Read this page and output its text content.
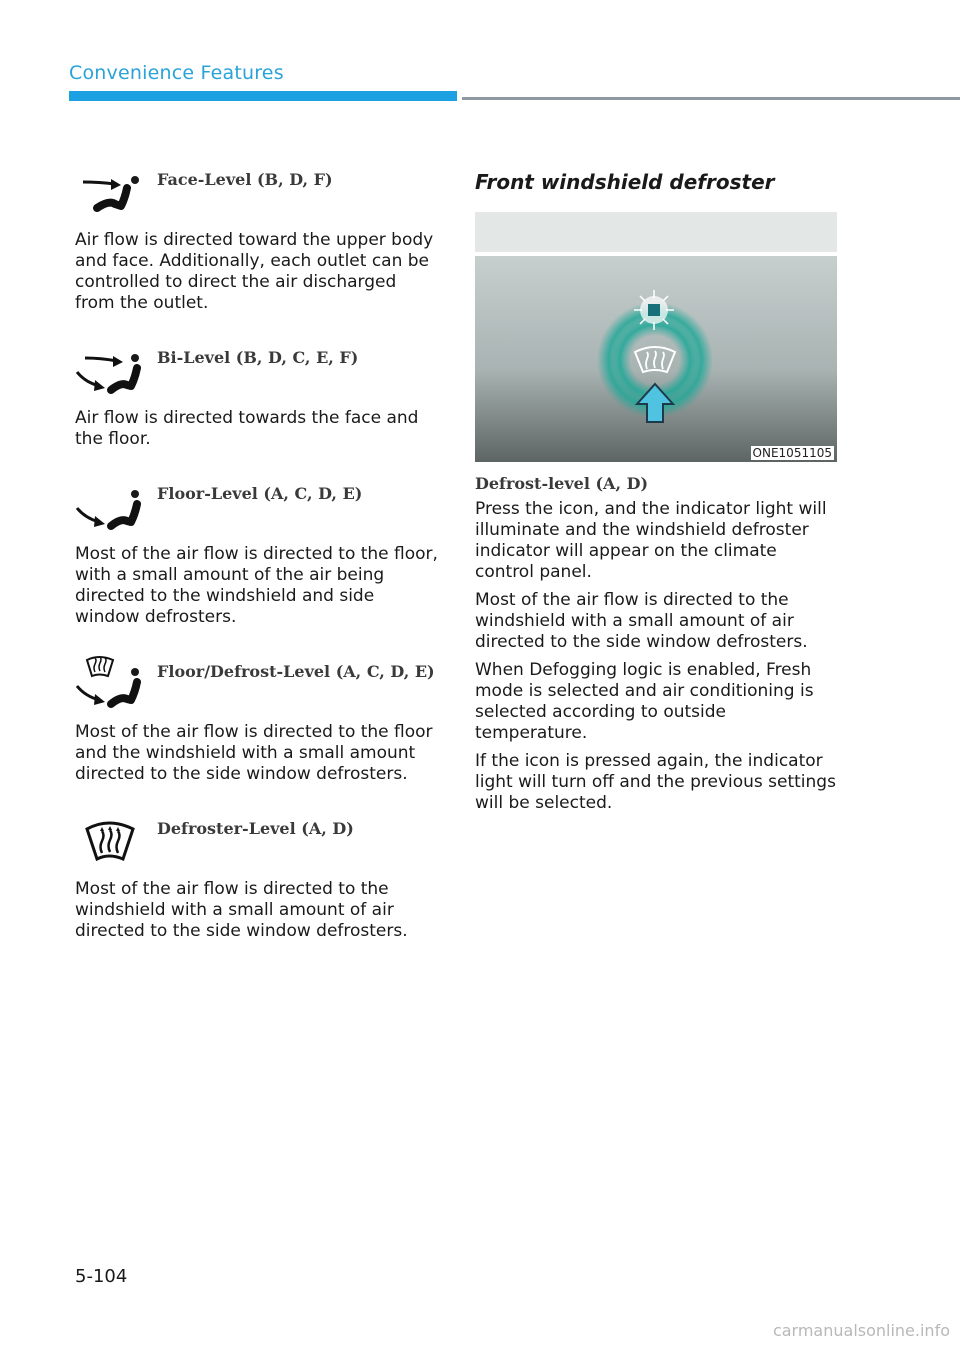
Convenience Features
Face-Level (B, D, F)

Air flow is directed toward the upper body and face. Additionally, each outlet can be controlled to direct the air discharged from the outlet.

Bi-Level (B, D, C, E, F)

Air flow is directed towards the face and the floor.

Floor-Level (A, C, D, E)

Most of the air flow is directed to the floor, with a small amount of the air being directed to the windshield and side window defrosters.

Floor/Defrost-Level (A, C, D, E)

Most of the air flow is directed to the floor and the windshield with a small amount directed to the side window defrosters.

Defroster-Level (A, D)

Most of the air flow is directed to the windshield with a small amount of air directed to the side window defrosters.

Front windshield defroster
ONE1051105
Defrost-level (A, D)

Press the icon, and the indicator light will illuminate and the windshield defroster indicator will appear on the climate control panel.

Most of the air flow is directed to the windshield with a small amount of air directed to the side window defrosters.

When Defogging logic is enabled, Fresh mode is selected and air conditioning is selected according to outside temperature.

If the icon is pressed again, the indicator light will turn off and the previous settings will be selected.

5-104
carmanualsonline.info
